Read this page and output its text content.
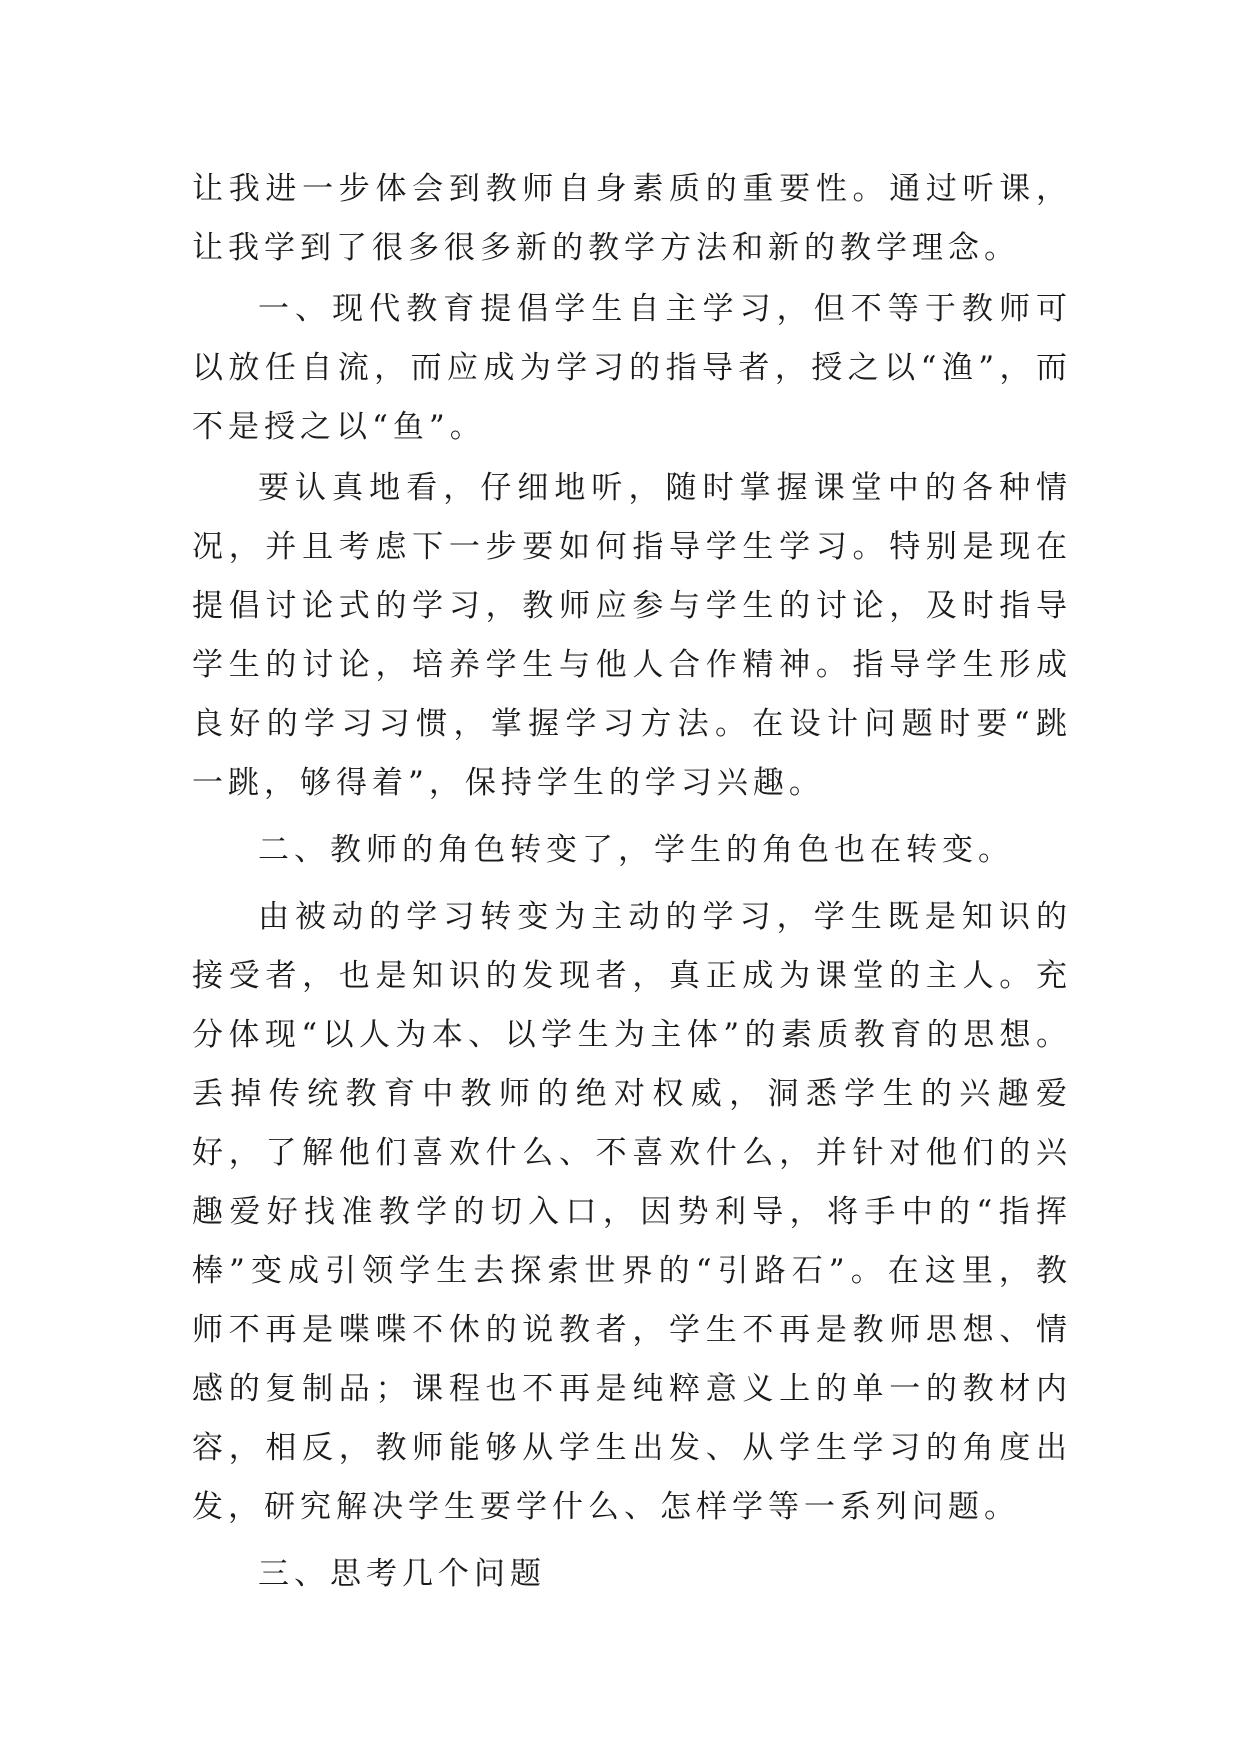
让我进一步体会到教师自身素质的重要性。通过听课，让我学到了很多很多新的教学方法和新的教学理念。

一、现代教育提倡学生自主学习，但不等于教师可以放任自流，而应成为学习的指导者，授之以“渔”，而不是授之以“鱼”。

要认真地看，仔细地听，随时掌握课堂中的各种情况，并且考虑下一步要如何指导学生学习。特别是现在提倡讨论式的学习，教师应参与学生的讨论，及时指导学生的讨论，培养学生与他人合作精神。指导学生形成良好的学习习惯，掌握学习方法。在设计问题时要“跳一跳，够得着”，保持学生的学习兴趣。

二、教师的角色转变了，学生的角色也在转变。

由被动的学习转变为主动的学习，学生既是知识的接受者，也是知识的发现者，真正成为课堂的主人。充分体现“以人为本、以学生为主体”的素质教育的思想。丢掉传统教育中教师的绝对权威，洞悉学生的兴趣爱好，了解他们喜欢什么、不喜欢什么，并针对他们的兴趣爱好找准教学的切入口，因势利导，将手中的“指挥棒”变成引领学生去探索世界的“引路石”。在这里，教师不再是喋喋不休的说教者，学生不再是教师思想、情感的复制品；课程也不再是纯粹意义上的单一的教材内容，相反，教师能够从学生出发、从学生学习的角度出发，研究解决学生要学什么、怎样学等一系列问题。

三、思考几个问题
